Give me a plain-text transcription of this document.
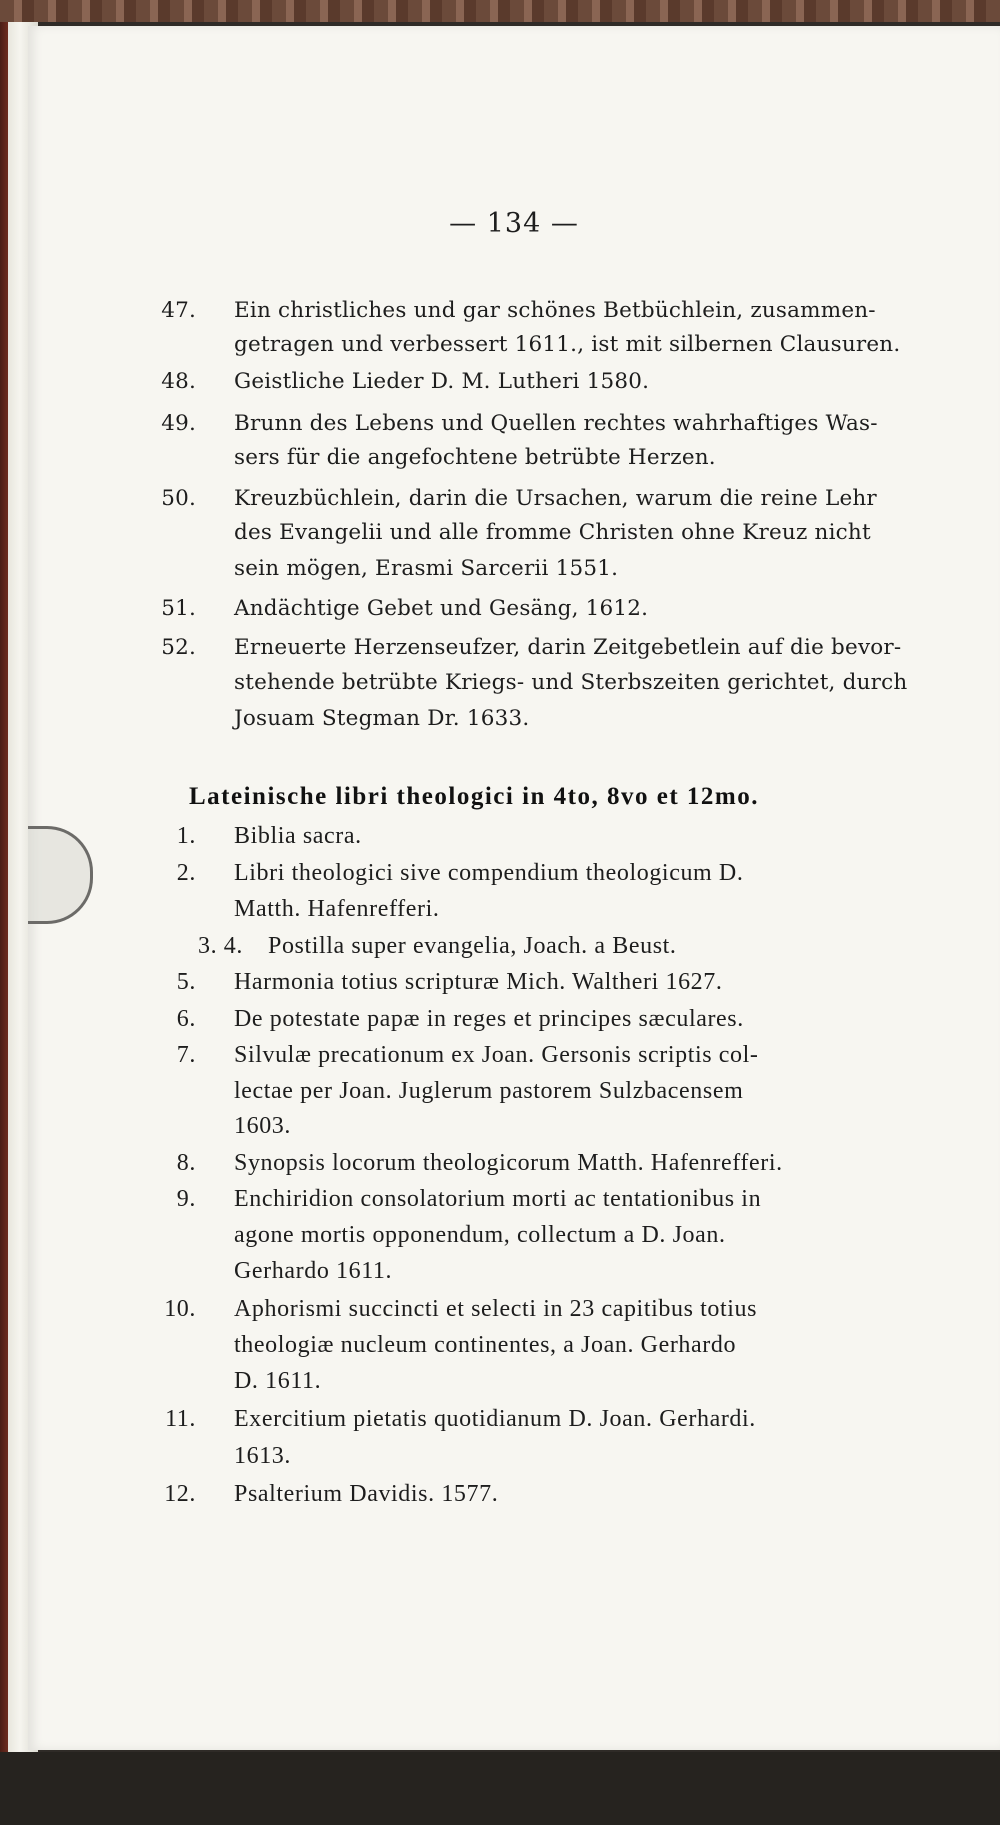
— 134 —
Lateinische libri theologici in 4to, 8vo et 12mo.
47. Ein christliches und gar schönes Betbüchlein, zusammen-
getragen und verbessert 1611., ist mit silbernen Clausuren.
48. Geistliche Lieder D. M. Lutheri 1580.
49. Brunn des Lebens und Quellen rechtes wahrhaftiges Was-
sers für die angefochtene betrübte Herzen.
50. Kreuzbüchlein, darin die Ursachen, warum die reine Lehr
des Evangelii und alle fromme Christen ohne Kreuz nicht
sein mögen, Erasmi Sarcerii 1551.
51. Andächtige Gebet und Gesäng, 1612.
52. Erneuerte Herzenseufzer, darin Zeitgebetlein auf die bevor-
stehende betrübte Kriegs- und Sterbszeiten gerichtet, durch
Josuam Stegman Dr. 1633.
1. Biblia sacra.
2. Libri theologici sive compendium theologicum D.
Matth. Hafenrefferi.
3. 4. Postilla super evangelia, Joach. a Beust.
5. Harmonia totius scripturæ Mich. Waltheri 1627.
6. De potestate papæ in reges et principes sæculares.
7. Silvulæ precationum ex Joan. Gersonis scriptis col-
lectae per Joan. Juglerum pastorem Sulzbacensem
1603.
8. Synopsis locorum theologicorum Matth. Hafenrefferi.
9. Enchiridion consolatorium morti ac tentationibus in
agone mortis opponendum, collectum a D. Joan.
Gerhardo 1611.
10. Aphorismi succincti et selecti in 23 capitibus totius
theologiæ nucleum continentes, a Joan. Gerhardo
D. 1611.
11. Exercitium pietatis quotidianum D. Joan. Gerhardi.
1613.
12. Psalterium Davidis. 1577.
